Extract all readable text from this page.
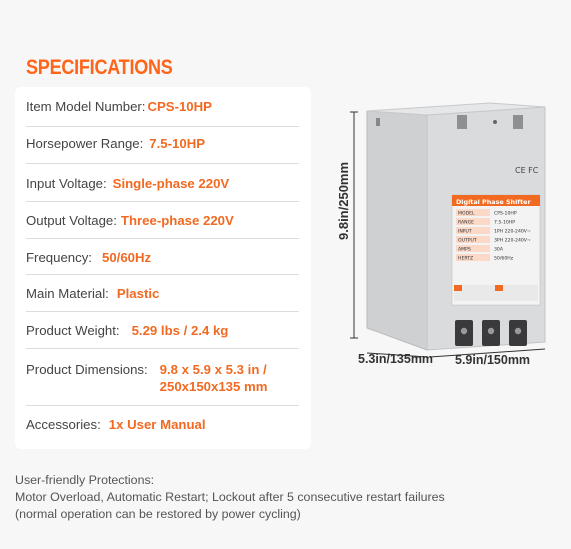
SPECIFICATIONS
Item Model Number: CPS-10HP
Horsepower Range: 7.5-10HP
Input Voltage: Single-phase 220V
Output Voltage: Three-phase 220V
Frequency: 50/60Hz
Main Material: Plastic
Product Weight: 5.29 lbs / 2.4 kg
Product Dimensions: 9.8 x 5.9 x 5.3 in /
250x150x135 mm
Accessories: 1x User Manual
CE FC
Digital Phase Shifter
MODEL	CPS-10HP
RANGE	7.5-10HP
INPUT	1PH 220-240V~
OUTPUT	3PH 220-240V~
AMPS	30A
HERTZ	50/60Hz
9.8in/250mm
5.3in/135mm 5.9in/150mm
User-friendly Protections:
Motor Overload, Automatic Restart; Lockout after 5 consecutive restart failures
(normal operation can be restored by power cycling)
